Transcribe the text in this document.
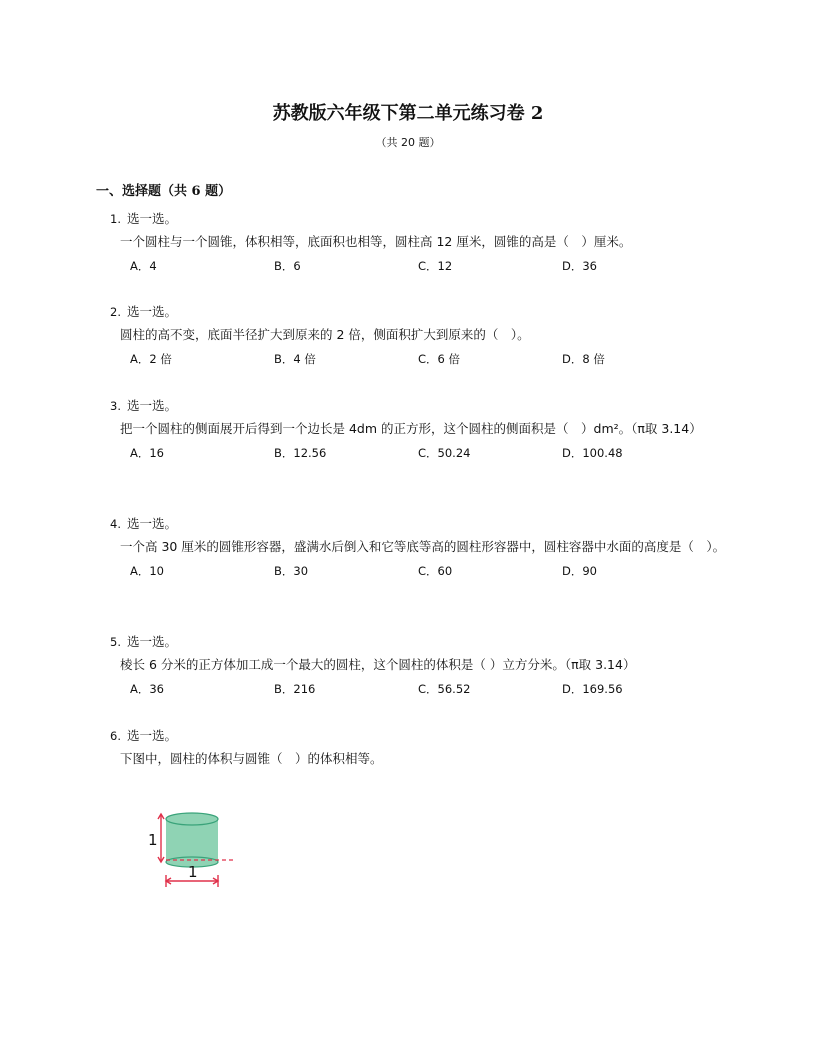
苏教版六年级下第二单元练习卷 2
（共 20 题）
一、选择题（共 6 题）
1. 选一选。
一个圆柱与一个圆锥，体积相等，底面积也相等，圆柱高 12 厘米，圆锥的高是（　）厘米。
A．4	B．6	C．12	D．36
2. 选一选。
圆柱的高不变，底面半径扩大到原来的 2 倍，侧面积扩大到原来的（　）。
A．2 倍	B．4 倍	C．6 倍	D．8 倍
3. 选一选。
把一个圆柱的侧面展开后得到一个边长是 4dm 的正方形，这个圆柱的侧面积是（　）dm²。（π取 3.14）
A．16	B．12.56	C．50.24	D．100.48
4. 选一选。
一个高 30 厘米的圆锥形容器，盛满水后倒入和它等底等高的圆柱形容器中，圆柱容器中水面的高度是（　）。
A．10	B．30	C．60	D．90
5. 选一选。
棱长 6 分米的正方体加工成一个最大的圆柱，这个圆柱的体积是（ ）立方分米。（π取 3.14）
A．36	B．216	C．56.52	D．169.56
6. 选一选。
下图中，圆柱的体积与圆锥（　）的体积相等。
1
1
